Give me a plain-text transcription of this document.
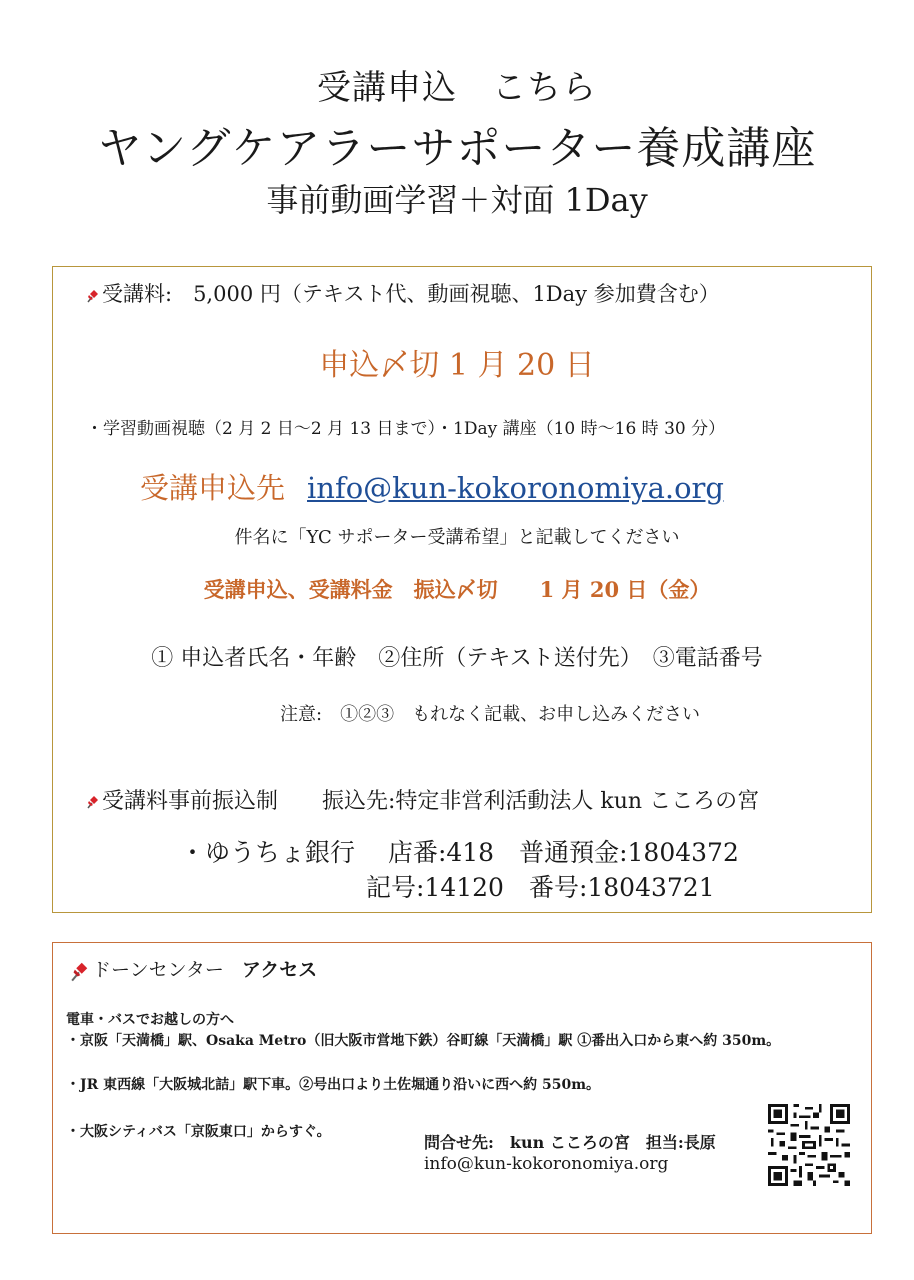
受講申込　こちら
ヤングケアラーサポーター養成講座
事前動画学習＋対面 1Day
受講料:　5,000 円（テキスト代、動画視聴、1Day 参加費含む）
申込〆切 1 月 20 日
・学習動画視聴（2 月 2 日～2 月 13 日まで）・1Day 講座（10 時～16 時 30 分）
受講申込先 info@kun-kokoronomiya.org
件名に「YC サポーター受講希望」と記載してください
受講申込、受講料金　振込〆切　　1 月 20 日（金）
① 申込者氏名・年齢　②住所（テキスト送付先）　③電話番号
注意:　①②③　もれなく記載、お申し込みください
受講料事前振込制　　振込先:特定非営利活動法人 kun こころの宮
・ゆうちょ銀行　 店番:418　普通預金:1804372
記号:14120　番号:18043721
ドーンセンター アクセス
電車・バスでお越しの方へ
・京阪「天満橋」駅、Osaka Metro（旧大阪市営地下鉄）谷町線「天満橋」駅 ①番出入口から東へ約 350m。
・JR 東西線「大阪城北詰」駅下車。②号出口より土佐堀通り沿いに西へ約 550m。
・大阪シティバス「京阪東口」からすぐ。
問合せ先:　kun こころの宮　担当:長原
info@kun-kokoronomiya.org
